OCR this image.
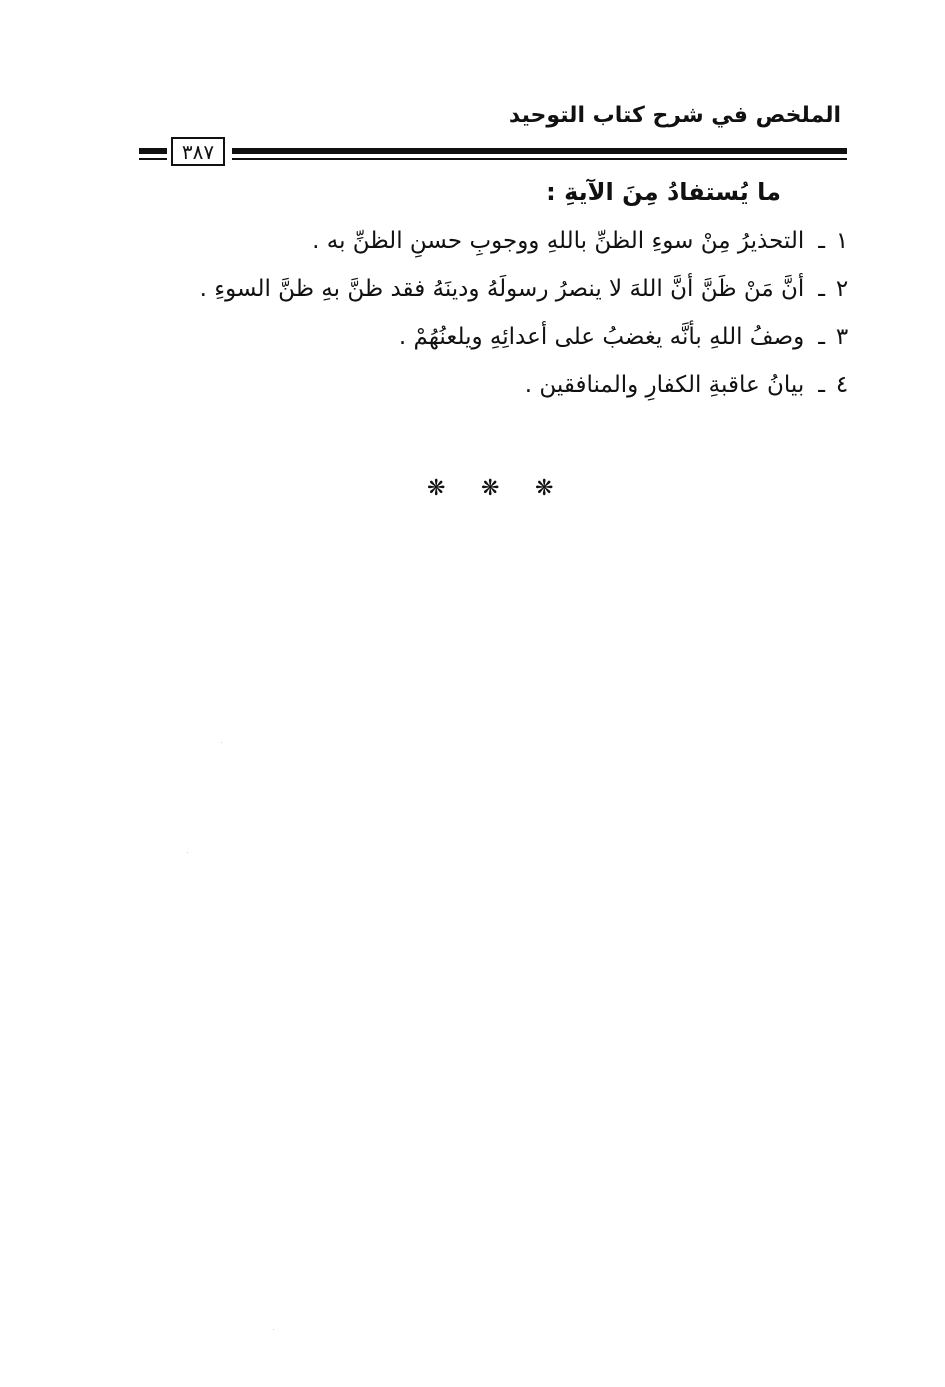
الملخص في شرح كتاب التوحيد
٣٨٧
ما يُستفادُ مِنَ الآيةِ :
١
ـ
التحذيرُ مِنْ سوءِ الظنِّ باللهِ ووجوبِ حسنِ الظنِّ به .
٢
ـ
أنَّ مَنْ ظَنَّ أنَّ اللهَ لا ينصرُ رسولَهُ ودينَهُ فقد ظنَّ بهِ ظنَّ السوءِ .
٣
ـ
وصفُ اللهِ بأنَّه يغضبُ على أعدائِهِ ويلعنُهُمْ .
٤
ـ
بيانُ عاقبةِ الكفارِ والمنافقين .
❋ ❋ ❋
